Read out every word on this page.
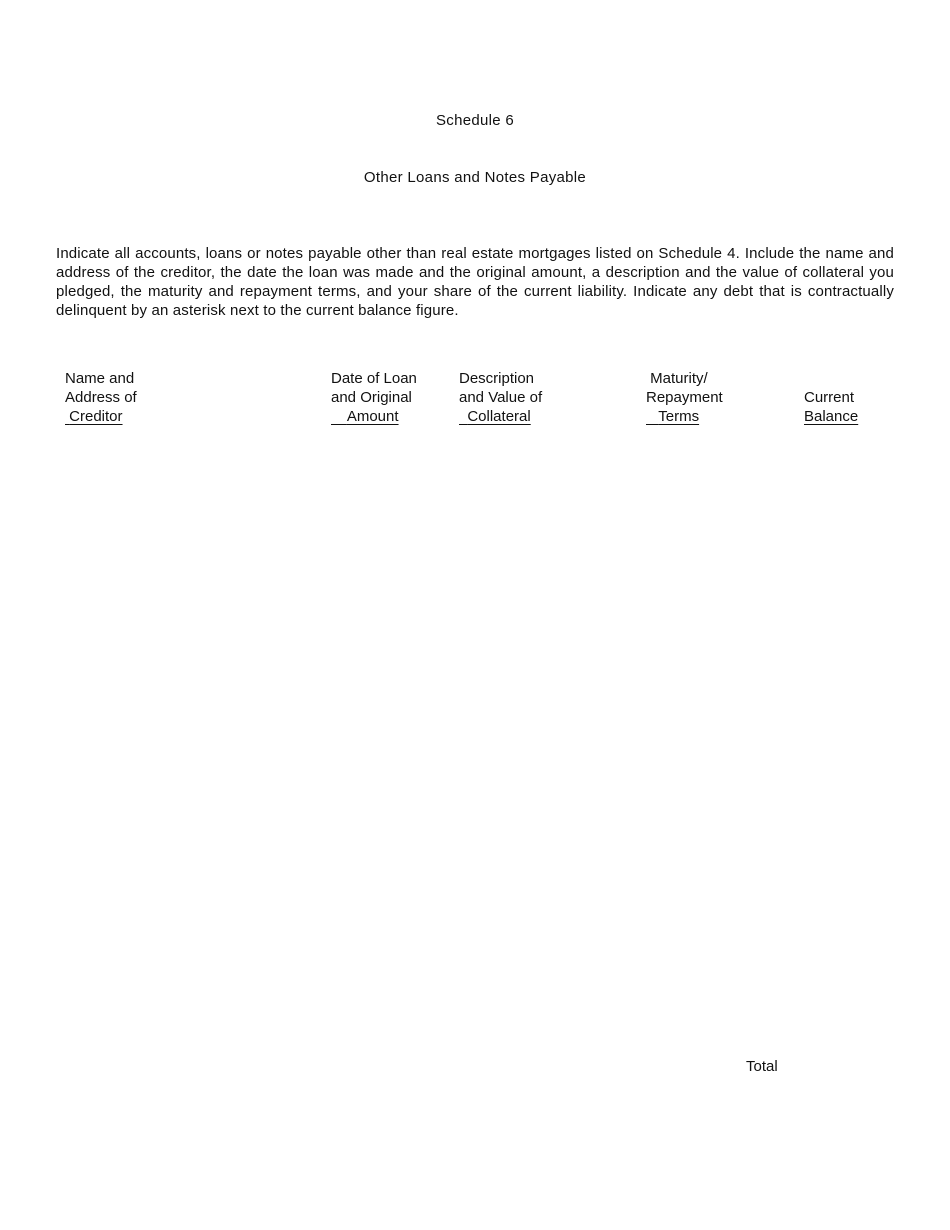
Schedule 6
Other Loans and Notes Payable

Indicate all accounts, loans or notes payable other than real estate mortgages listed on Schedule 4. Include the name and address of the creditor, the date the loan was made and the original amount, a description and the value of collateral you pledged, the maturity and repayment terms, and your share of the current liability. Indicate any debt that is contractually delinquent by an asterisk next to the current balance figure.

Name and
Address of
Creditor
Date of Loan
and Original
Amount
Description
and Value of
Collateral
Maturity/
Repayment
Terms
Current
Balance
Total
